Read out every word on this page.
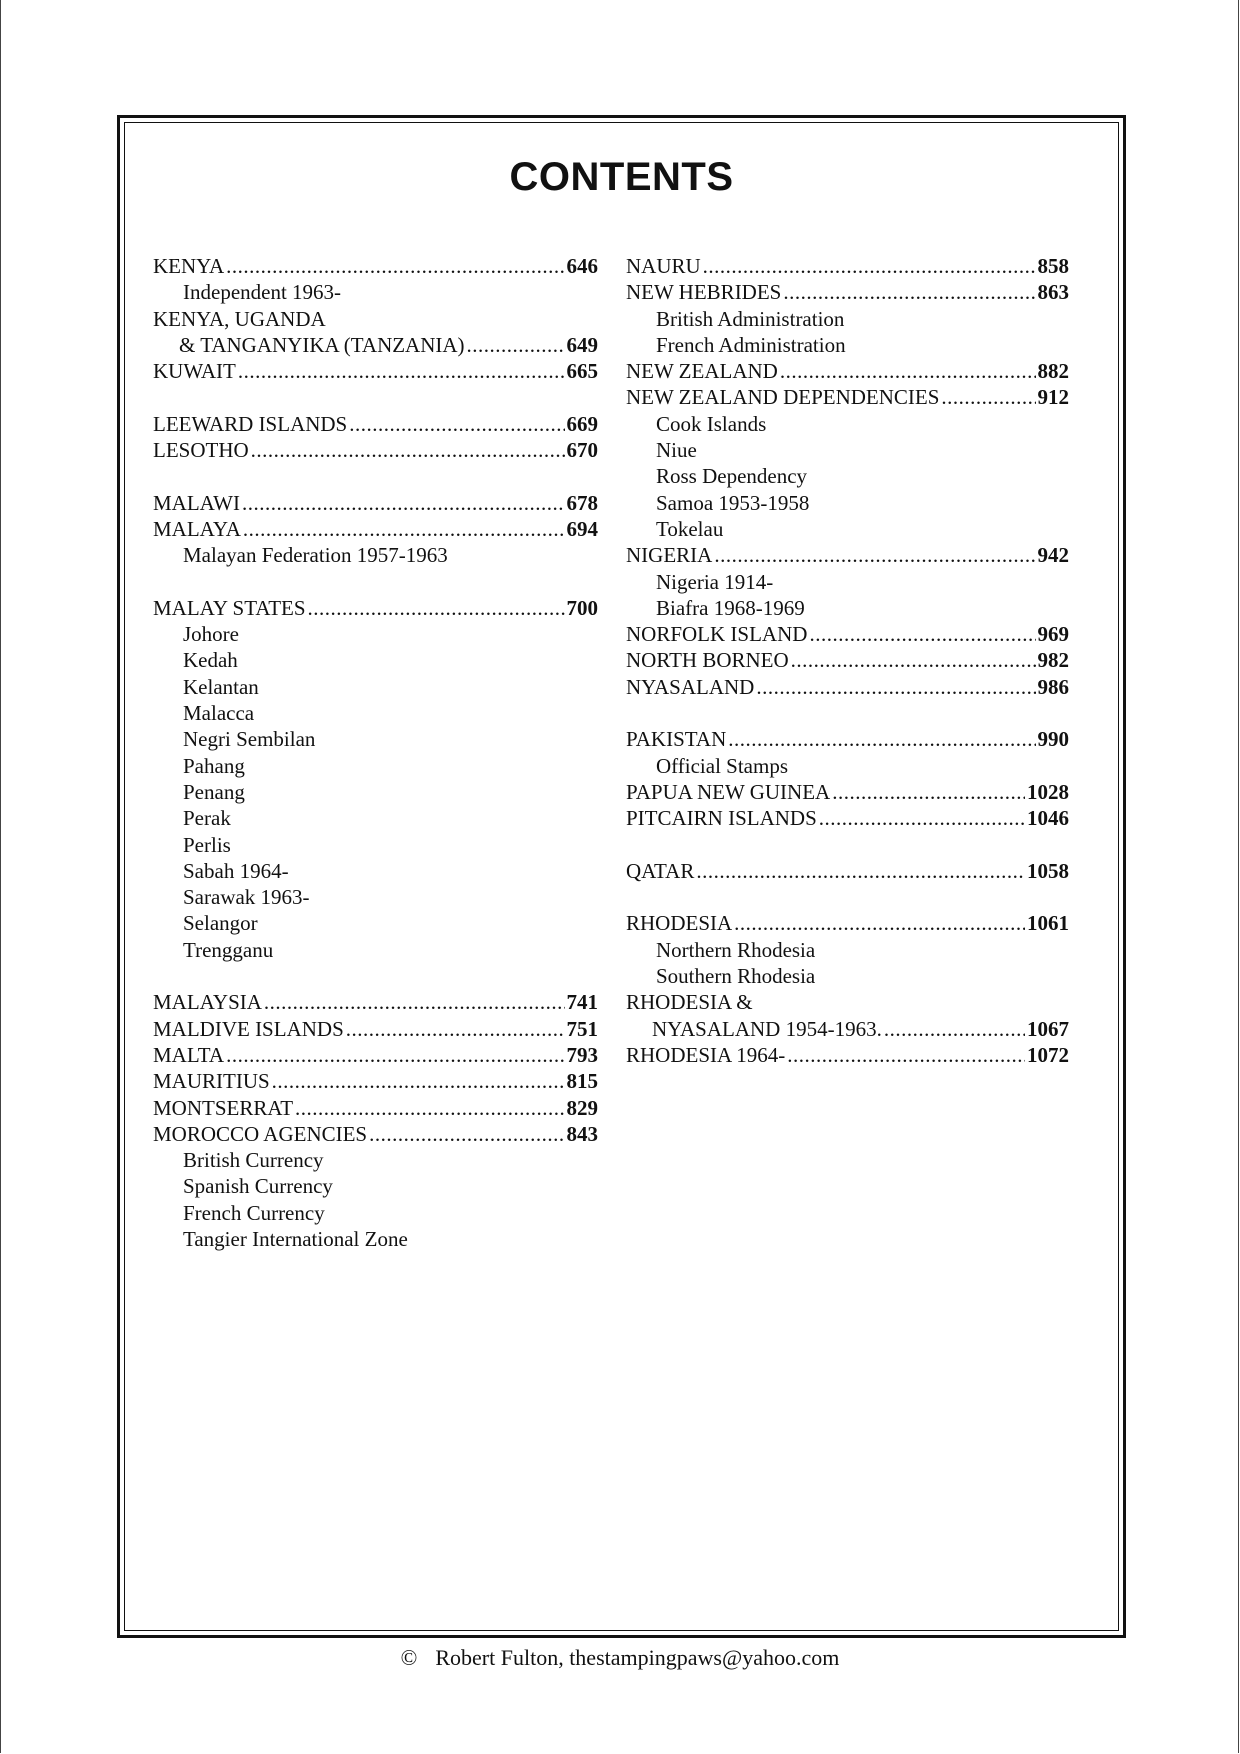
CONTENTS
KENYA .....	646
Independent 1963-
KENYA, UGANDA
& TANGANYIKA (TANZANIA) .....	649
KUWAIT .....	665
LEEWARD ISLANDS .....	669
LESOTHO .....	670
MALAWI .....	678
MALAYA .....	694
Malayan Federation 1957-1963
MALAY STATES .....	700
Johore
Kedah
Kelantan
Malacca
Negri Sembilan
Pahang
Penang
Perak
Perlis
Sabah 1964-
Sarawak 1963-
Selangor
Trengganu
MALAYSIA .....	741
MALDIVE ISLANDS .....	751
MALTA .....	793
MAURITIUS .....	815
MONTSERRAT .....	829
MOROCCO AGENCIES .....	843
British Currency
Spanish Currency
French Currency
Tangier International Zone
NAURU .....	858
NEW HEBRIDES .....	863
British Administration
French Administration
NEW ZEALAND .....	882
NEW ZEALAND DEPENDENCIES .....	912
Cook Islands
Niue
Ross Dependency
Samoa 1953-1958
Tokelau
NIGERIA .....	942
Nigeria 1914-
Biafra 1968-1969
NORFOLK ISLAND .....	969
NORTH BORNEO .....	982
NYASALAND .....	986
PAKISTAN .....	990
Official Stamps
PAPUA NEW GUINEA .....	1028
PITCAIRN ISLANDS .....	1046
QATAR .....	1058
RHODESIA .....	1061
Northern Rhodesia
Southern Rhodesia
RHODESIA &
NYASALAND 1954-1963. .....	1067
RHODESIA 1964- .....	1072
© Robert Fulton, thestampingpaws@yahoo.com
